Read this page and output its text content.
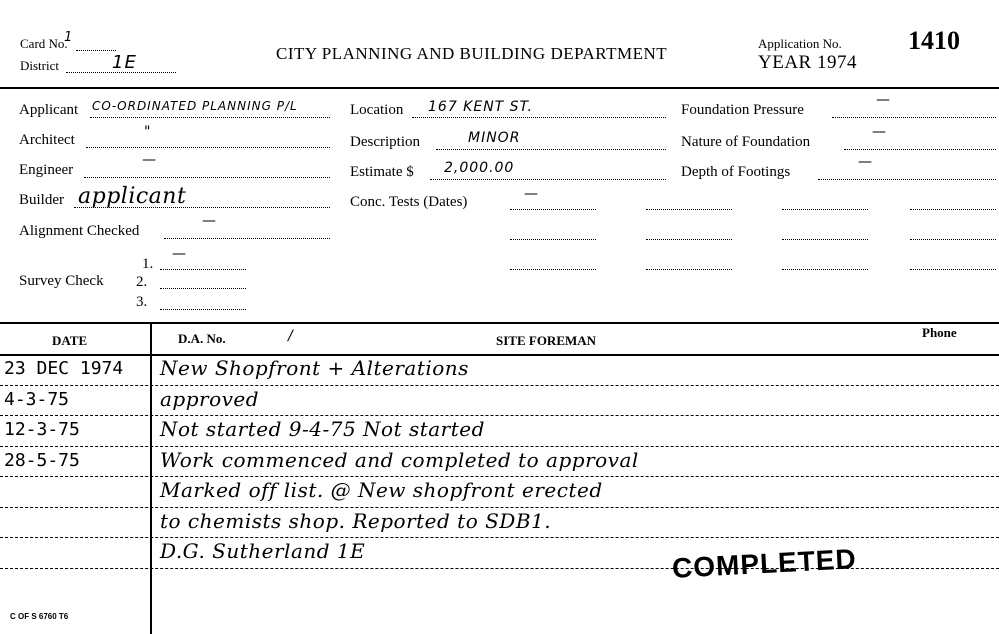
Card No.
1
District	1E	CITY PLANNING AND BUILDING DEPARTMENT
Application No.	1410
YEAR 1974
Applicant CO-ORDINATED PLANNING P/L
Architect	"
Engineer
—
Builder applicant
Alignment Checked
—
Survey Check
1.
—
2.
3.
Location 167 KENT ST.
Description	MINOR
Estimate $ 2,000.00
Conc. Tests (Dates)	—
Foundation Pressure
—
Nature of Foundation
—
Depth of Footings
—
DATE	D.A. No.	/	SITE FOREMAN
Phone
23 DEC 1974 New Shopfront + Alterations
4-3-75	approved
12-3-75	Not started 9-4-75 Not started
28-5-75	Work commenced and completed to approval
Marked off list. @ New shopfront erected
to chemists shop. Reported to SDB1.
D.G. Sutherland 1E	COMPLETED
C OF S 6760 T6
